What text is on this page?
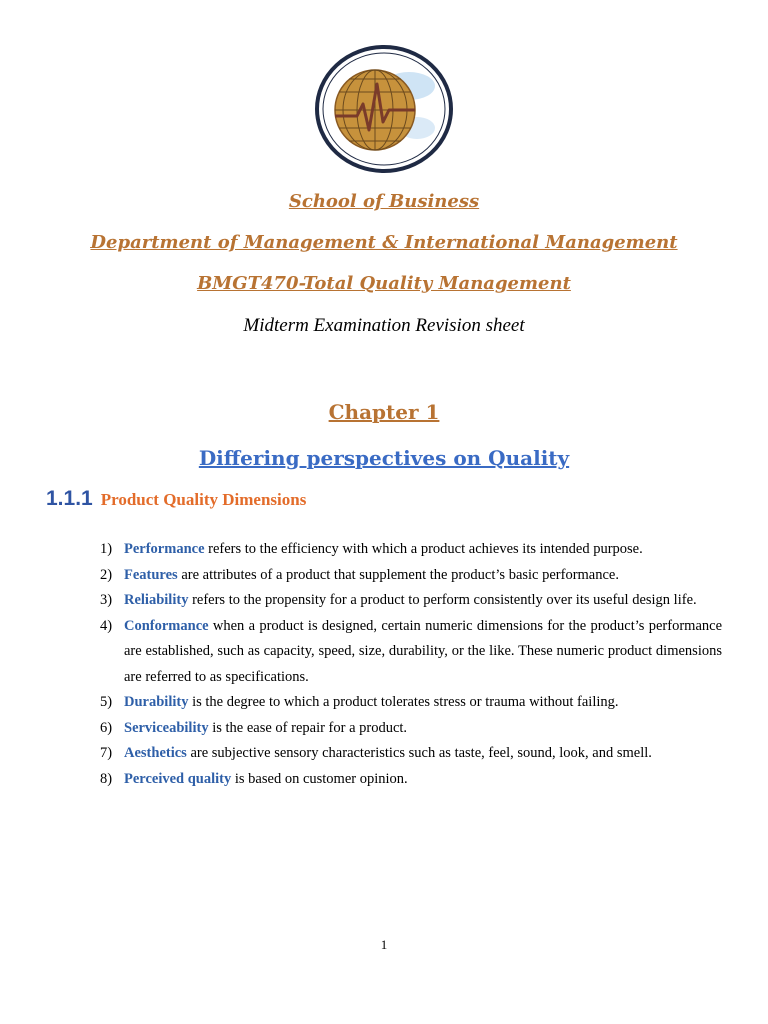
School of Business
Department of Management & International Management
BMGT470-Total Quality Management
Midterm Examination Revision sheet
Chapter 1
Differing perspectives on Quality
1.1.1 Product Quality Dimensions
1) Performance refers to the efficiency with which a product achieves its intended purpose.
2) Features are attributes of a product that supplement the product’s basic performance.
3) Reliability refers to the propensity for a product to perform consistently over its useful design life.
4) Conformance when a product is designed, certain numeric dimensions for the product’s performance are established, such as capacity, speed, size, durability, or the like. These numeric product dimensions are referred to as specifications.
5) Durability is the degree to which a product tolerates stress or trauma without failing.
6) Serviceability is the ease of repair for a product.
7) Aesthetics are subjective sensory characteristics such as taste, feel, sound, look, and smell.
8) Perceived quality is based on customer opinion.
1
